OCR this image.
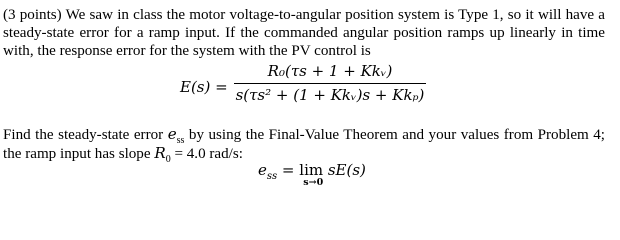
(3 points) We saw in class the motor voltage-to-angular position system is Type 1, so it will have a steady-state error for a ramp input. If the commanded angular position ramps up linearly in time with, the response error for the system with the PV control is
E(s) =
R₀(τs + 1 + Kkᵥ)
s(τs² + (1 + Kkᵥ)s + Kkₚ)
Find the steady-state error $e_{ss}$ by using the Final-Value Theorem and your values from Problem 4; the ramp input has slope $R_0 = 4.0$ rad/s:
$e_{ss} = \lim$
s→0
sE(s)
